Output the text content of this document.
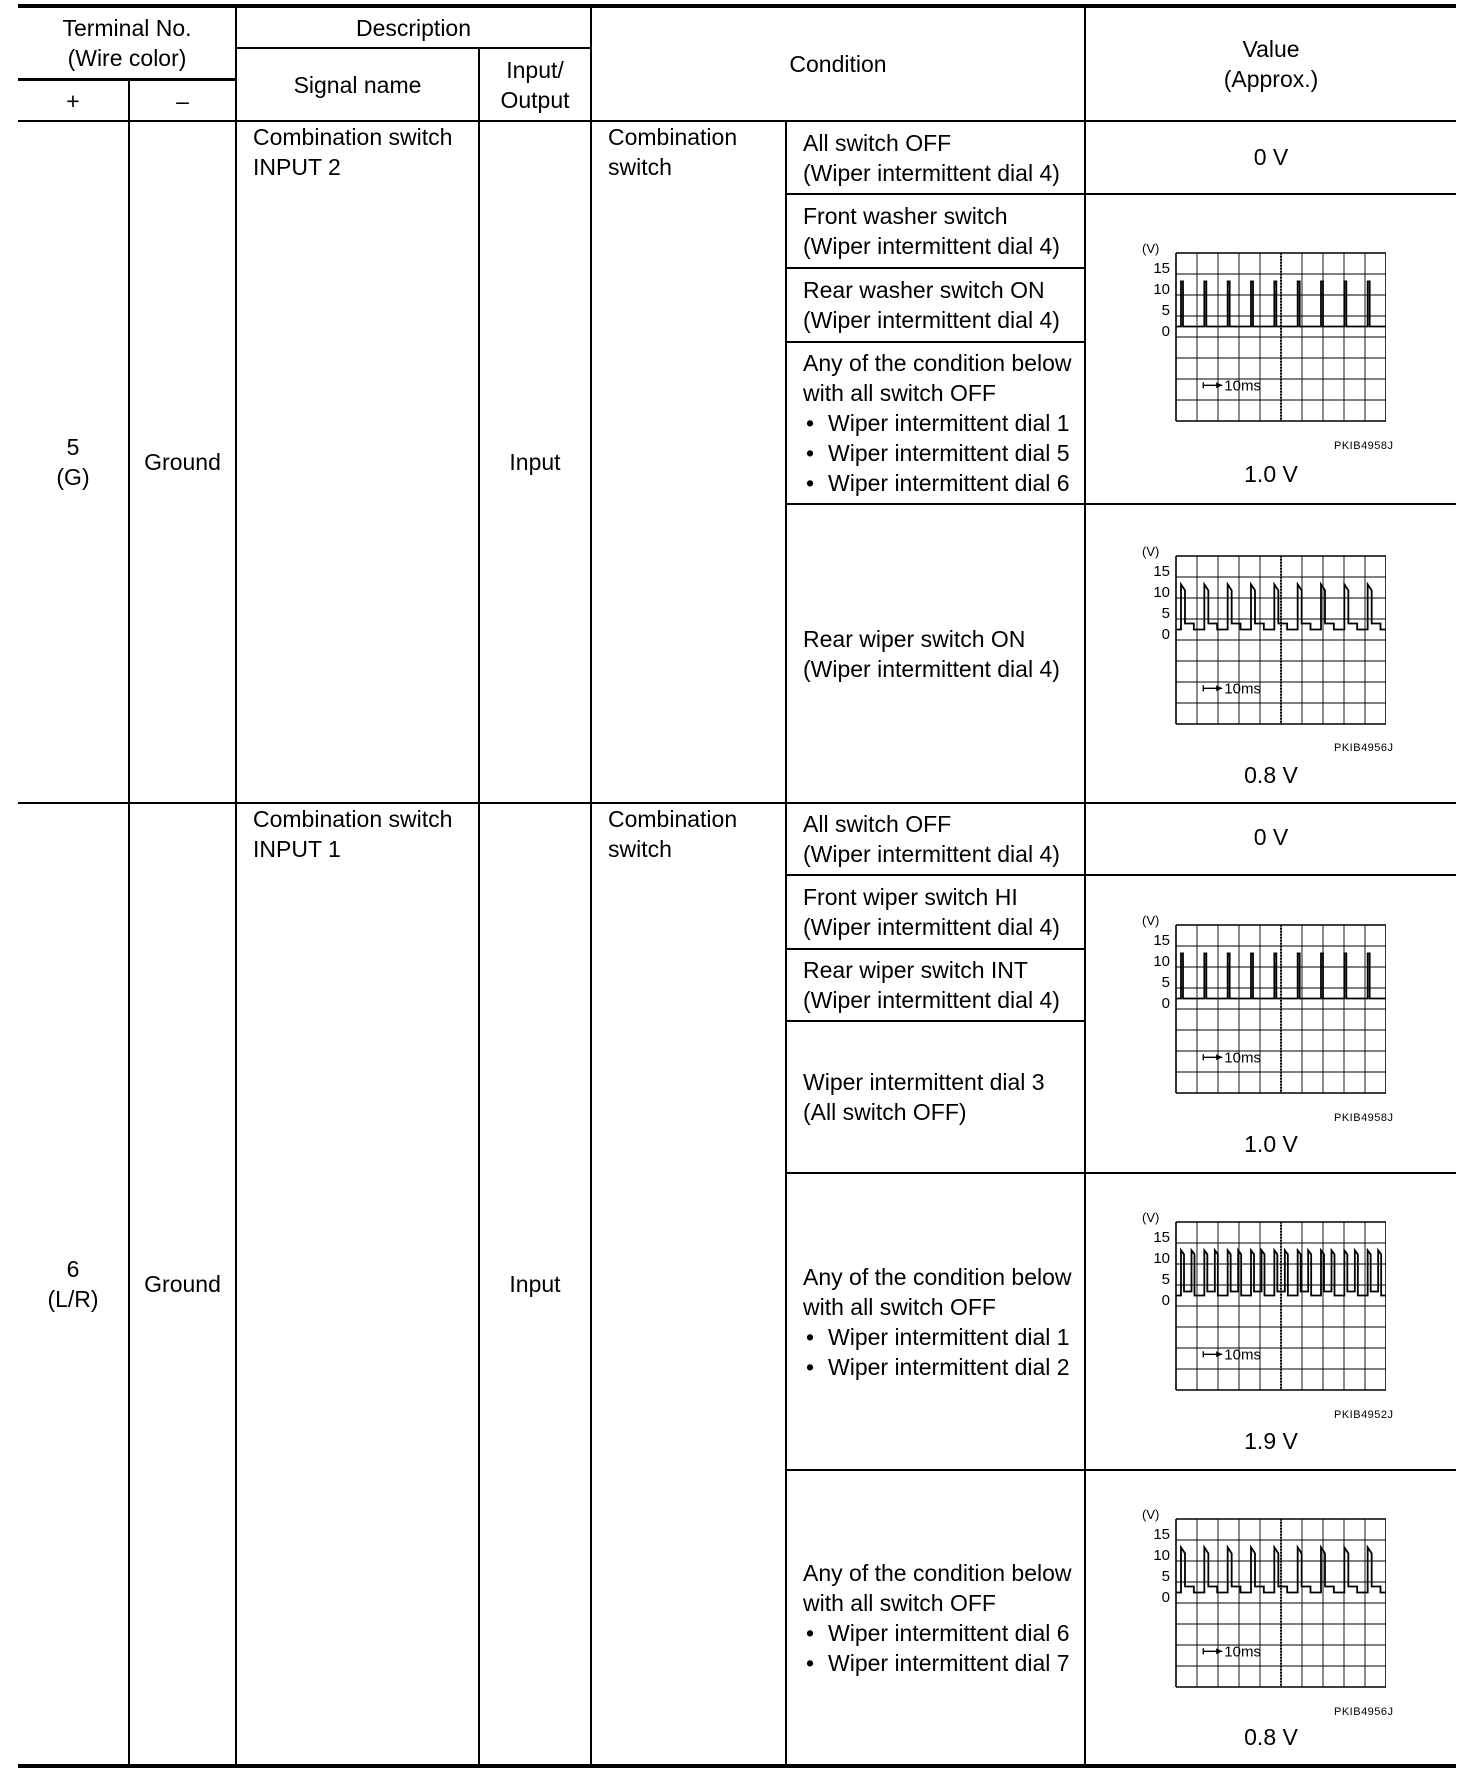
Terminal No.
(Wire color)
+	–
Description
Signal name
Input/
Output
Condition
Value
(Approx.)
5
(G)
Ground
Combination switch
INPUT 2
Input
Combination
switch
All switch OFF
(Wiper intermittent dial 4)
Front washer switch
(Wiper intermittent dial 4)
Rear washer switch ON
(Wiper intermittent dial 4)
Any of the condition below
with all switch OFF
• Wiper intermittent dial 1
• Wiper intermittent dial 5
• Wiper intermittent dial 6
Rear wiper switch ON
(Wiper intermittent dial 4)
0 V
1.0 V
0.8 V
PKIB4958J
PKIB4956J
6
(L/R)
Ground
Combination switch
INPUT 1
Input
Combination
switch
All switch OFF
(Wiper intermittent dial 4)
Front wiper switch HI
(Wiper intermittent dial 4)
Rear wiper switch INT
(Wiper intermittent dial 4)
Wiper intermittent dial 3
(All switch OFF)
Any of the condition below
with all switch OFF
• Wiper intermittent dial 1
• Wiper intermittent dial 2
Any of the condition below
with all switch OFF
• Wiper intermittent dial 6
• Wiper intermittent dial 7
0 V
1.0 V
1.9 V
0.8 V
PKIB4958J
PKIB4952J
PKIB4956J
(V)
15
10
5
0
10ms
(V)
15
10
5
0
10ms
(V)
15
10
5
0
10ms
(V)
15
10
5
0
10ms
(V)
15
10
5
0
10ms
